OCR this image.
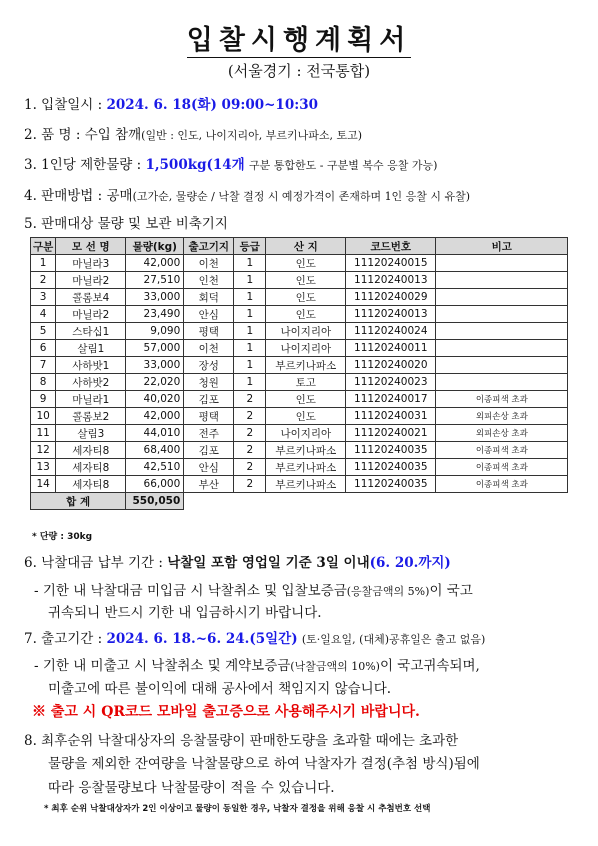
입찰시행계획서
(서울경기 : 전국통합)
1. 입찰일시 : 2024. 6. 18(화) 09:00~10:30
2. 품 명 : 수입 참깨(일반 : 인도, 나이지리아, 부르키나파소, 토고)
3. 1인당 제한물량 : 1,500kg(14개 구분 통합한도 - 구분별 복수 응찰 가능)
4. 판매방법 : 공매(고가순, 물량순 / 낙찰 결정 시 예정가격이 존재하며 1인 응찰 시 유찰)
5. 판매대상 물량 및 보관 비축기지
구분	모 선 명	물량(kg)	출고기지	등급	산 지	코드번호	비고
1	마닐라3	42,000	이천	1	인도	11120240015	
2	마닐라2	27,510	인천	1	인도	11120240013	
3	콜롬보4	33,000	회덕	1	인도	11120240029	
4	마닐라2	23,490	안심	1	인도	11120240013	
5	스타십1	9,090	평택	1	나이지리아	11120240024	
6	살림1	57,000	이천	1	나이지리아	11120240011	
7	사하밧1	33,000	장성	1	부르키나파소	11120240020	
8	사하밧2	22,020	청원	1	토고	11120240023	
9	마닐라1	40,020	김포	2	인도	11120240017	이종피색 초과
10	콜롬보2	42,000	평택	2	인도	11120240031	외피손상 초과
11	살림3	44,010	전주	2	나이지리아	11120240021	외피손상 초과
12	세자티8	68,400	김포	2	부르키나파소	11120240035	이종피색 초과
13	세자티8	42,510	안심	2	부르키나파소	11120240035	이종피색 초과
14	세자티8	66,000	부산	2	부르키나파소	11120240035	이종피색 초과
합 계		550,050					
* 단량 : 30kg
6. 낙찰대금 납부 기간 : 낙찰일 포함 영업일 기준 3일 이내(6. 20.까지)
- 기한 내 낙찰대금 미입금 시 낙찰취소 및 입찰보증금(응찰금액의 5%)이 국고
귀속되니 반드시 기한 내 입금하시기 바랍니다.
7. 출고기간 : 2024. 6. 18.~6. 24.(5일간) (토·일요일, (대체)공휴일은 출고 없음)
- 기한 내 미출고 시 낙찰취소 및 계약보증금(낙찰금액의 10%)이 국고귀속되며,
미출고에 따른 불이익에 대해 공사에서 책임지지 않습니다.
※ 출고 시 QR코드 모바일 출고증으로 사용해주시기 바랍니다.
8. 최후순위 낙찰대상자의 응찰물량이 판매한도량을 초과할 때에는 초과한
물량을 제외한 잔여량을 낙찰물량으로 하여 낙찰자가 결정(추첨 방식)됨에
따라 응찰물량보다 낙찰물량이 적을 수 있습니다.
* 최후 순위 낙찰대상자가 2인 이상이고 물량이 동일한 경우, 낙찰자 결정을 위해 응찰 시 추첨번호 선택
